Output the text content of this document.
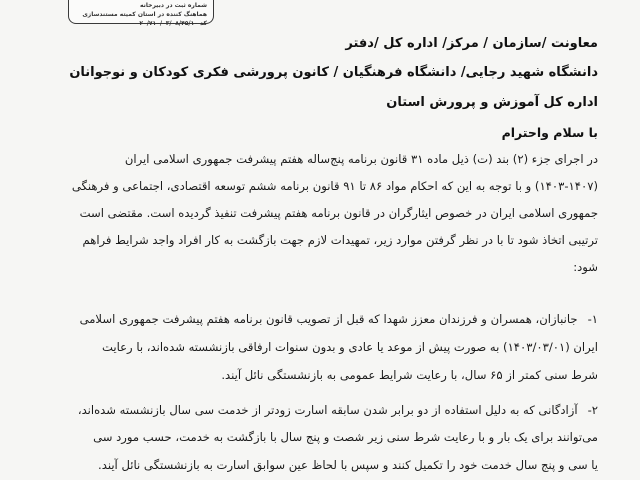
شماره ثبت در دبیرخانه
هماهنگ کننده در استان کمیته مستندسازی
کد ۲۰/۷۱۰/۰۳/۰۸/۴۵/۱۰
معاونت /سازمان / مرکز/ اداره کل /دفتر
دانشگاه شهید رجایی/ دانشگاه فرهنگیان / کانون پرورشی فکری کودکان و نوجوانان
اداره کل آموزش و پرورش استان
با سلام واحترام
در اجرای جزء (۲) بند (ت) ذیل ماده ۳۱ قانون برنامه پنج‌ساله هفتم پیشرفت جمهوری اسلامی ایران
(۱۴۰۳-۱۴۰۷) و با توجه به این که احکام مواد ۸۶ تا ۹۱ قانون برنامه ششم توسعه اقتصادی، اجتماعی و فرهنگی
جمهوری اسلامی ایران در خصوص ایثارگران در قانون برنامه هفتم پیشرفت تنفیذ گردیده است. مقتضی است
ترتیبی اتخاذ شود تا با در نظر گرفتن موارد زیر، تمهیدات لازم جهت بازگشت به کار افراد واجد شرایط فراهم
شود:
۱-جانبازان، همسران و فرزندان معزز شهدا که قبل از تصویب قانون برنامه هفتم پیشرفت جمهوری اسلامی
ایران (۱۴۰۳/۰۳/۰۱) به صورت پیش از موعد یا عادی و بدون سنوات ارفاقی بازنشسته شده‌اند، با رعایت
شرط سنی کمتر از ۶۵ سال، با رعایت شرایط عمومی به بازنشستگی نائل آیند.
۲-آزادگانی که به دلیل استفاده از دو برابر شدن سابقه اسارت زودتر از خدمت سی سال بازنشسته شده‌اند،
می‌توانند برای یک بار و با رعایت شرط سنی زیر شصت و پنج سال با بازگشت به خدمت، حسب مورد سی
یا سی و پنج سال خدمت خود را تکمیل کنند و سپس با لحاظ عین سوابق اسارت به بازنشستگی نائل آیند.
